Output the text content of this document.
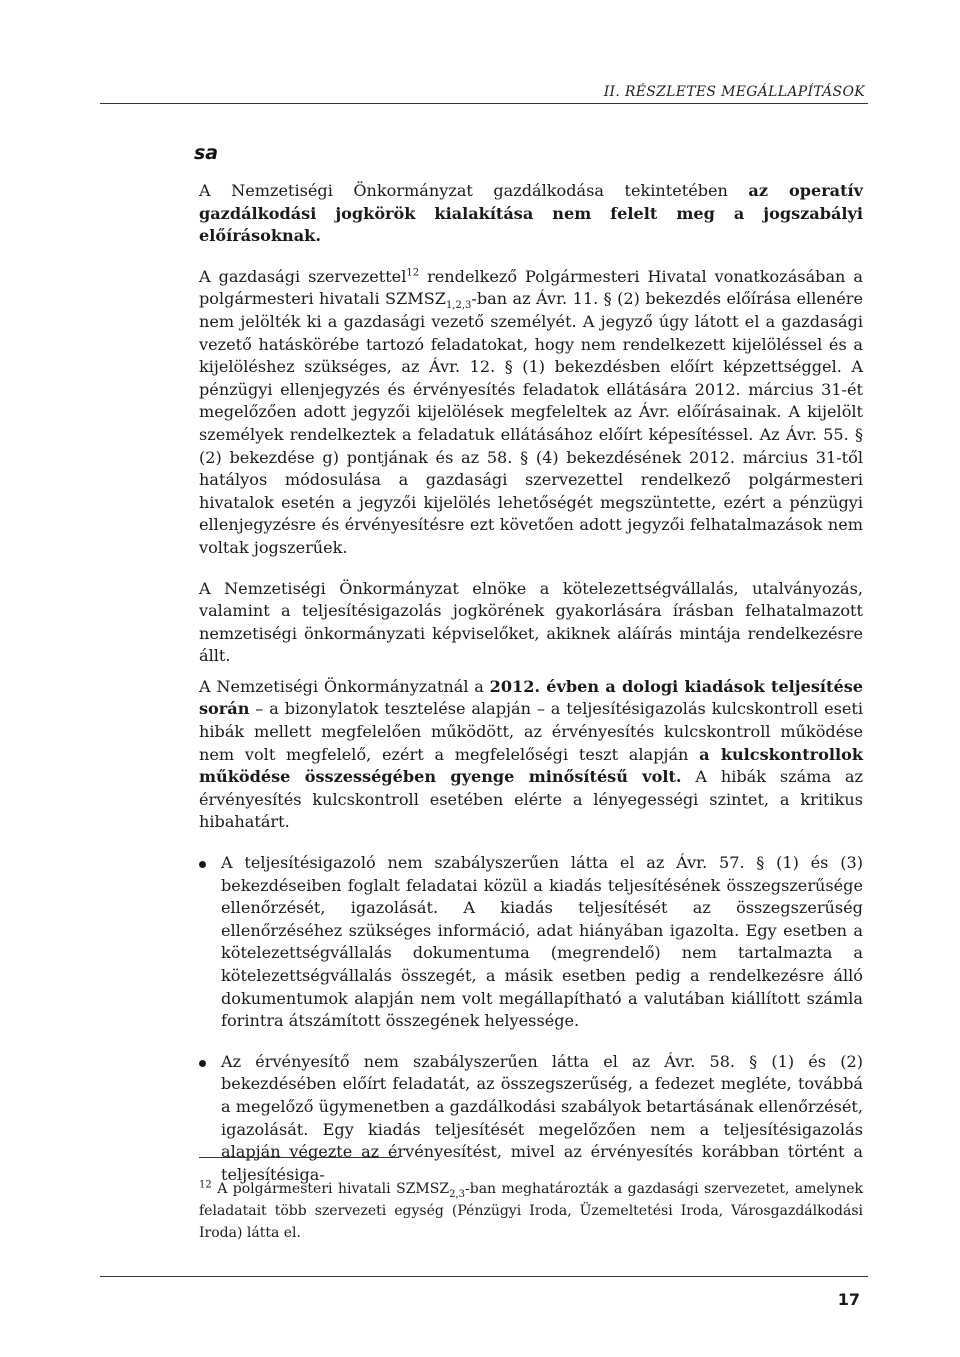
II. RÉSZLETES MEGÁLLAPÍTÁSOK
sa

A Nemzetiségi Önkormányzat gazdálkodása tekintetében az operatív gazdálkodási jogkörök kialakítása nem felelt meg a jogszabályi előírásoknak.

A gazdasági szervezettel$^{12}$ rendelkező Polgármesteri Hivatal vonatkozásában a polgármesteri hivatali $SZMSZ_{1,2,3}$-ban az Ávr. 11. § (2) bekezdés előírása ellenére nem jelölték ki a gazdasági vezető személyét. A jegyző úgy látott el a gazdasági vezető hatáskörébe tartozó feladatokat, hogy nem rendelkezett kijelöléssel és a kijelöléshez szükséges, az Ávr. 12. § (1) bekezdésben előírt képzettséggel. A pénzügyi ellenjegyzés és érvényesítés feladatok ellátására 2012. március 31-ét megelőzően adott jegyzői kijelölések megfeleltek az Ávr. előírásainak. A kijelölt személyek rendelkeztek a feladatuk ellátásához előírt képesítéssel. Az Ávr. 55. § (2) bekezdése g) pontjának és az 58. § (4) bekezdésének 2012. március 31-től hatályos módosulása a gazdasági szervezettel rendelkező polgármesteri hivatalok esetén a jegyzői kijelölés lehetőségét megszüntette, ezért a pénzügyi ellenjegyzésre és érvényesítésre ezt követően adott jegyzői felhatalmazások nem voltak jogszerűek.

A Nemzetiségi Önkormányzat elnöke a kötelezettségvállalás, utalványozás, valamint a teljesítésigazolás jogkörének gyakorlására írásban felhatalmazott nemzetiségi önkormányzati képviselőket, akiknek aláírás mintája rendelkezésre állt.

A Nemzetiségi Önkormányzatnál a 2012. évben a dologi kiadások teljesítése során – a bizonylatok tesztelése alapján – a teljesítésigazolás kulcskontroll eseti hibák mellett megfelelően működött, az érvényesítés kulcskontroll működése nem volt megfelelő, ezért a megfelelőségi teszt alapján a kulcskontrollok működése összességében gyenge minősítésű volt. A hibák száma az érvényesítés kulcskontroll esetében elérte a lényegességi szintet, a kritikus hibahatárt.

A teljesítésigazoló nem szabályszerűen látta el az Ávr. 57. § (1) és (3) bekezdéseiben foglalt feladatai közül a kiadás teljesítésének összegszerűsége ellenőrzését, igazolását. A kiadás teljesítését az összegszerűség ellenőrzéséhez szükséges információ, adat hiányában igazolta. Egy esetben a kötelezettségvállalás dokumentuma (megrendelő) nem tartalmazta a kötelezettségvállalás összegét, a másik esetben pedig a rendelkezésre álló dokumentumok alapján nem volt megállapítható a valutában kiállított számla forintra átszámított összegének helyessége.
Az érvényesítő nem szabályszerűen látta el az Ávr. 58. § (1) és (2) bekezdésében előírt feladatát, az összegszerűség, a fedezet megléte, továbbá a megelőző ügymenetben a gazdálkodási szabályok betartásának ellenőrzését, igazolását. Egy kiadás teljesítését megelőzően nem a teljesítésigazolás alapján végezte az érvényesítést, mivel az érvényesítés korábban történt a teljesítésiga-
$^{12}$ A polgármesteri hivatali $SZMSZ_{2,3}$-ban meghatározták a gazdasági szervezetet, amelynek feladatait több szervezeti egység (Pénzügyi Iroda, Üzemeltetési Iroda, Városgazdálkodási Iroda) látta el.
17
